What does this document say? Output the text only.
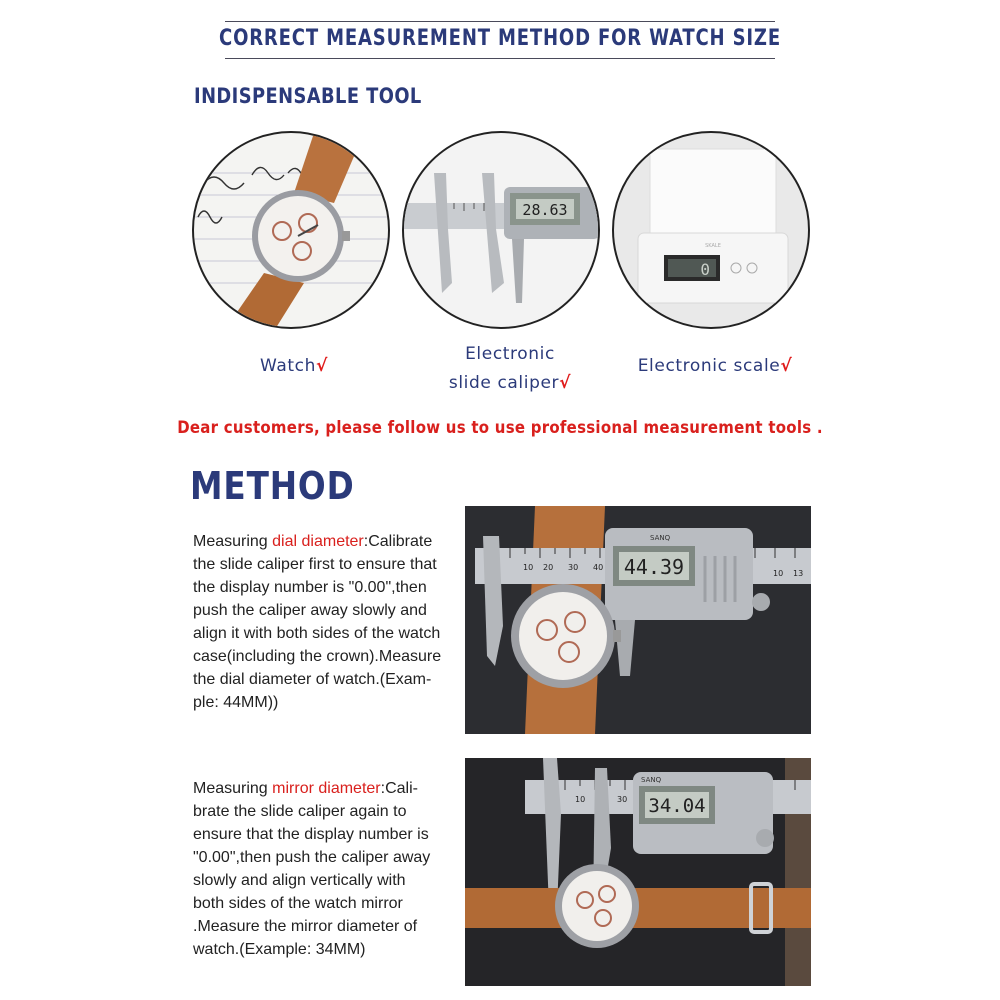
CORRECT MEASUREMENT METHOD FOR WATCH SIZE
INDISPENSABLE TOOL
28.63
SKALE
0
Watch√
Electronic
slide caliper√
Electronic scale√
Dear customers, please follow us to use professional measurement tools .
METHOD
Measuring dial diameter:Calibrate
the slide caliper first to ensure that
the display number is "0.00",then
push the caliper away slowly and
align it with both sides of the watch
case(including the crown).Measure
the dial diameter of watch.(Exam-
ple: 44MM))
10 20 30 40
10 13
SANQ
44.39
Measuring mirror diameter:Cali-
brate the slide caliper again to
ensure that the display number is
"0.00",then push the caliper away
slowly and align vertically with
both sides of the watch mirror
.Measure the mirror diameter of
watch.(Example: 34MM)
10	30
SANQ
34.04
